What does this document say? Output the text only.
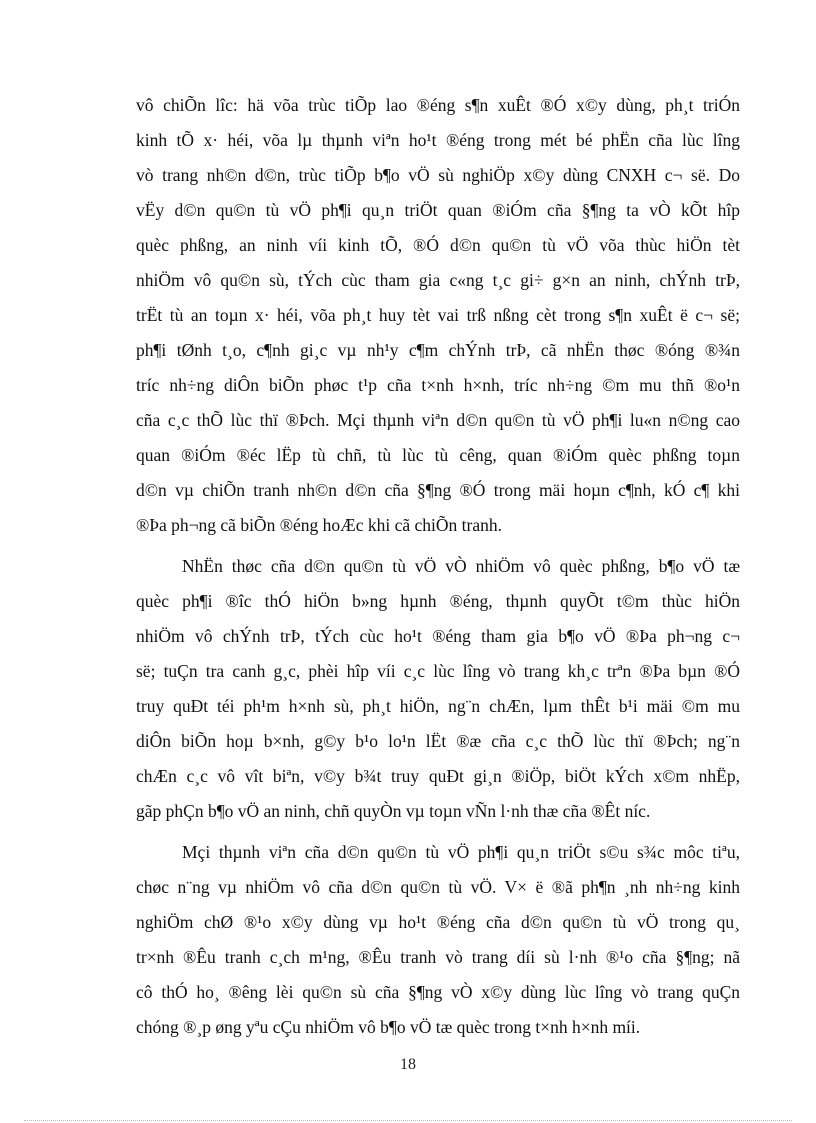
vô chiÕn lîc: hä võa trùc tiÕp lao ®éng s¶n xuÊt ®Ó x©y dùng, ph¸t triÓn
kinh tÕ x· héi, võa lµ thµnh viªn ho¹t ®éng trong mét bé phËn cña lùc lîng
vò trang nh©n d©n, trùc tiÕp b¶o vÖ sù nghiÖp x©y dùng CNXH c¬ së. Do
vËy d©n qu©n tù vÖ ph¶i qu¸n triÖt quan ®iÓm cña §¶ng ta vÒ kÕt hîp
quèc phßng, an ninh víi kinh tÕ, ®Ó d©n qu©n tù vÖ võa thùc hiÖn tèt
nhiÖm vô qu©n sù, tÝch cùc tham gia c«ng t¸c gi÷ g×n an ninh, chÝnh trÞ,
trËt tù an toµn x· héi, võa ph¸t huy tèt vai trß nßng cèt trong s¶n xuÊt ë c¬ së;
ph¶i tØnh t¸o, c¶nh gi¸c vµ nh¹y c¶m chÝnh trÞ, cã nhËn thøc ®óng ®¾n
tríc nh÷ng diÔn biÕn phøc t¹p cña t×nh h×nh, tríc nh÷ng ©m mu thñ ®o¹n
cña c¸c thÕ lùc thï ®Þch. Mçi thµnh viªn d©n qu©n tù vÖ ph¶i lu«n n©ng cao
quan ®iÓm ®éc lËp tù chñ, tù lùc tù cêng, quan ®iÓm quèc phßng toµn
d©n vµ chiÕn tranh nh©n d©n cña §¶ng ®Ó trong mäi hoµn c¶nh, kÓ c¶ khi
®Þa ph¬ng cã biÕn ®éng hoÆc khi cã chiÕn tranh.
NhËn thøc cña d©n qu©n tù vÖ vÒ nhiÖm vô quèc phßng, b¶o vÖ tæ
quèc ph¶i ®îc thÓ hiÖn b»ng hµnh ®éng, thµnh quyÕt t©m thùc hiÖn
nhiÖm vô chÝnh trÞ, tÝch cùc ho¹t ®éng tham gia b¶o vÖ ®Þa ph¬ng c¬
së; tuÇn tra canh g¸c, phèi hîp víi c¸c lùc lîng vò trang kh¸c trªn ®Þa bµn ®Ó
truy quÐt téi ph¹m h×nh sù, ph¸t hiÖn, ng¨n chÆn, lµm thÊt b¹i mäi ©m mu
diÔn biÕn hoµ b×nh, g©y b¹o lo¹n lËt ®æ cña c¸c thÕ lùc thï ®Þch; ng¨n
chÆn c¸c vô vît biªn, v©y b¾t truy quÐt gi¸n ®iÖp, biÖt kÝch x©m nhËp,
gãp phÇn b¶o vÖ an ninh, chñ quyÒn vµ toµn vÑn l·nh thæ cña ®Êt níc.
Mçi thµnh viªn cña d©n qu©n tù vÖ ph¶i qu¸n triÖt s©u s¾c môc tiªu,
chøc n¨ng vµ nhiÖm vô cña d©n qu©n tù vÖ. V× ë ®ã ph¶n ¸nh nh÷ng kinh
nghiÖm chØ ®¹o x©y dùng vµ ho¹t ®éng cña d©n qu©n tù vÖ trong qu¸
tr×nh ®Êu tranh c¸ch m¹ng, ®Êu tranh vò trang díi sù l·nh ®¹o cña §¶ng; nã
cô thÓ ho¸ ®êng lèi qu©n sù cña §¶ng vÒ x©y dùng lùc lîng vò trang quÇn
chóng ®¸p øng yªu cÇu nhiÖm vô b¶o vÖ tæ quèc trong t×nh h×nh míi.
18
